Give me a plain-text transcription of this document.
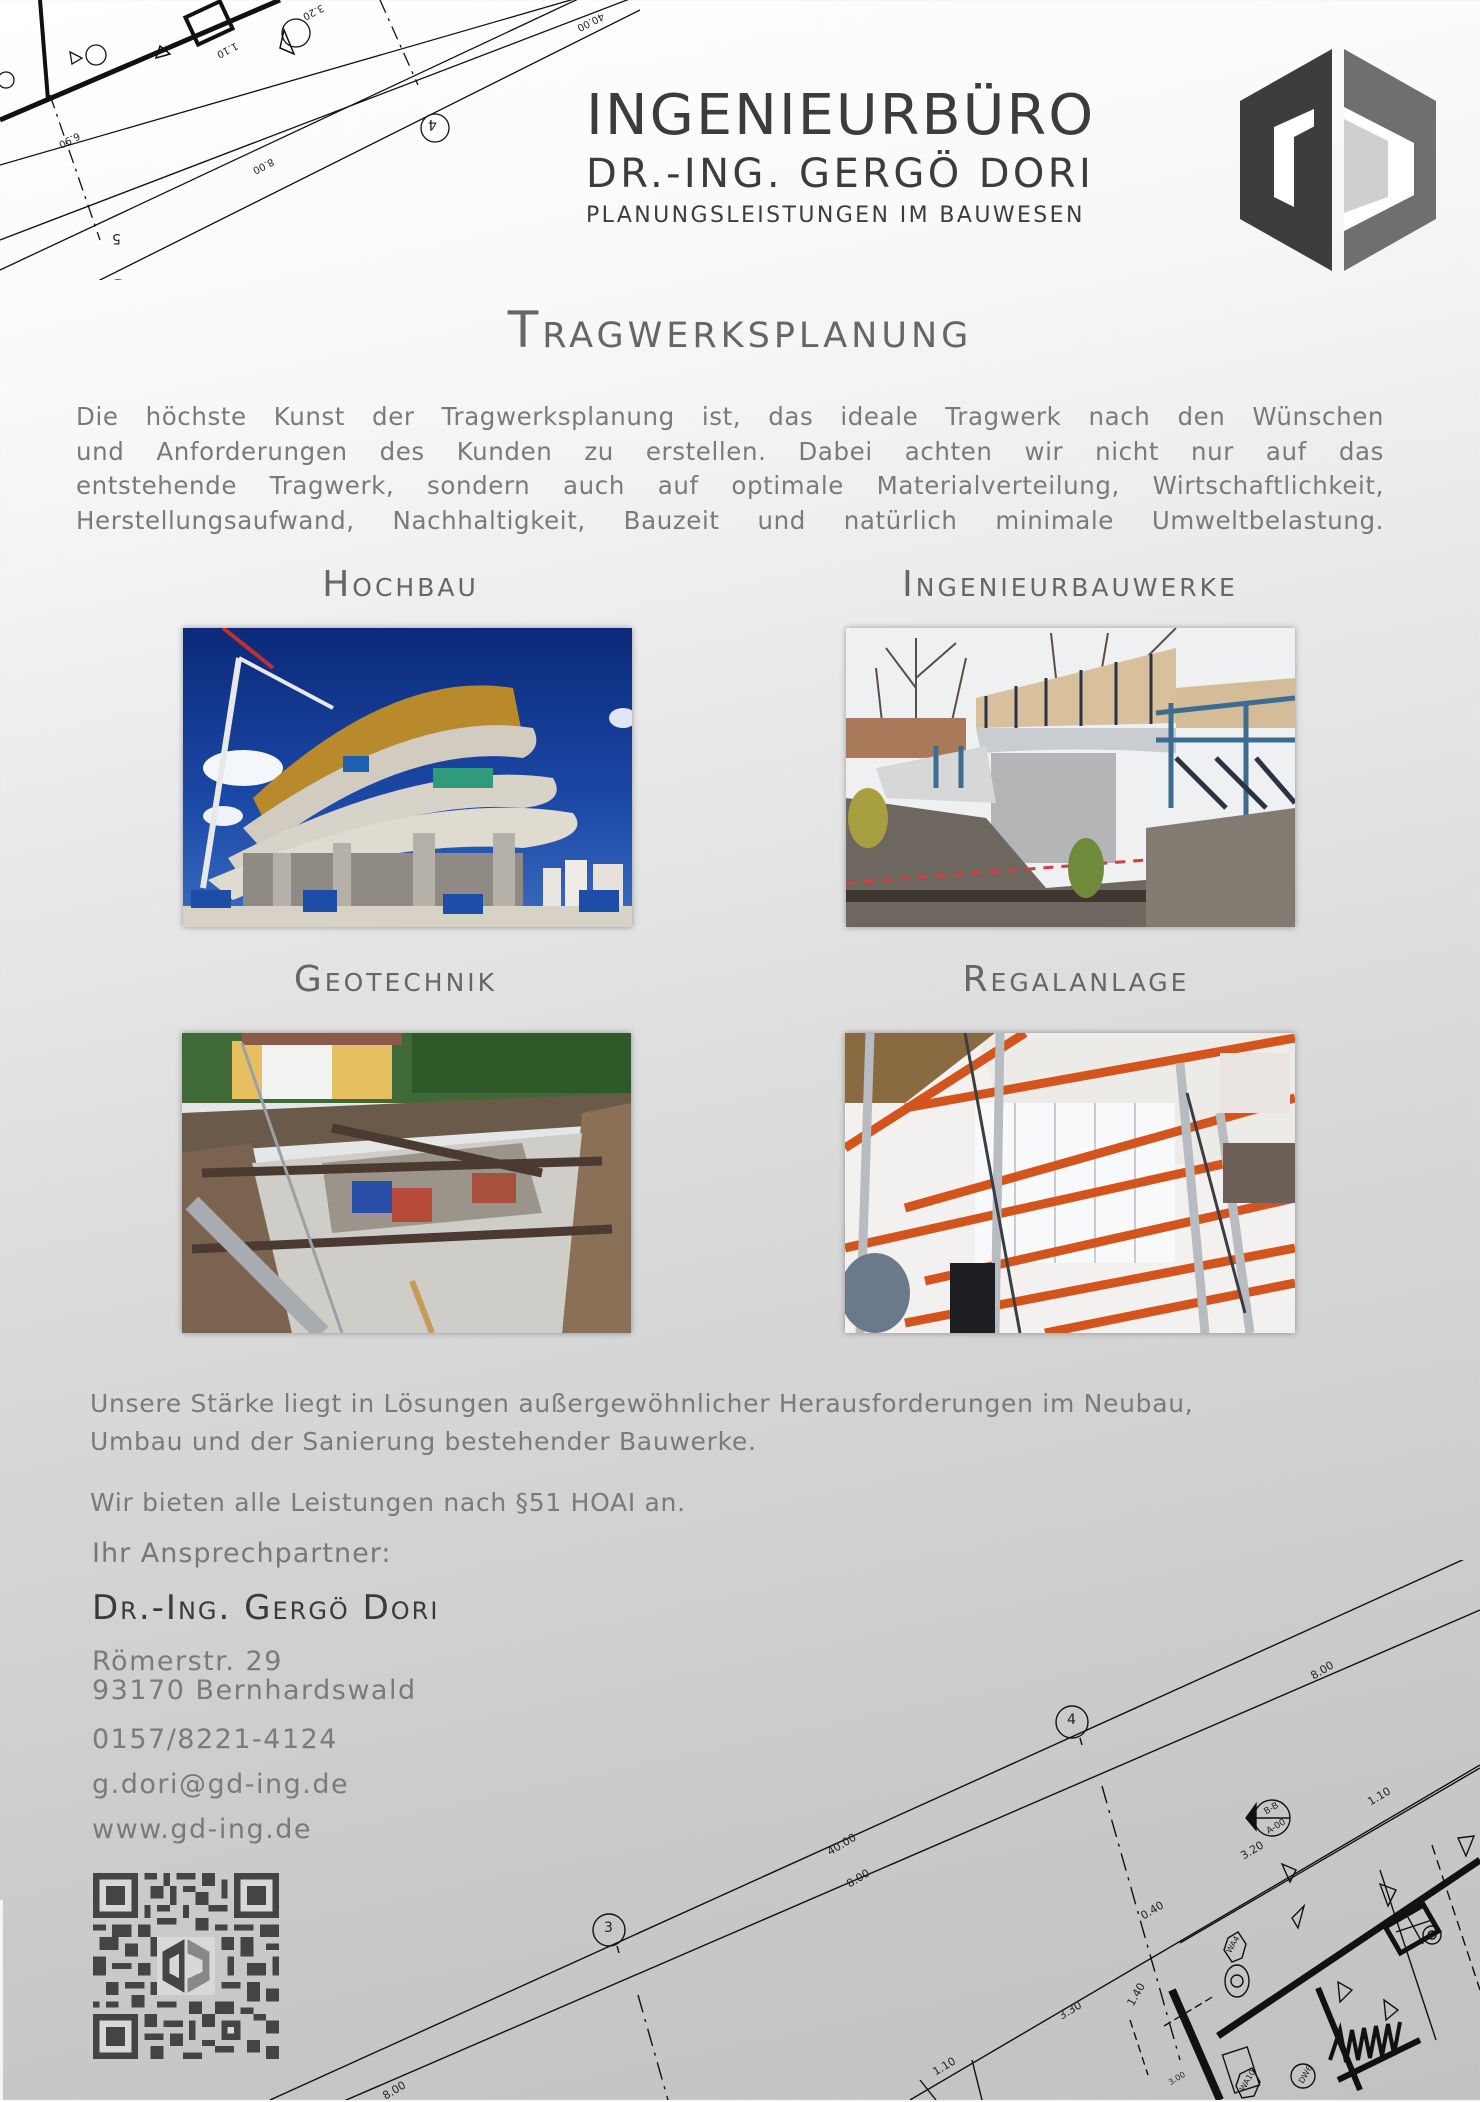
4
5
8.00
6.90
1.10
3.20	40.00
3
4
40.00
8.00
8.00
8.00
3.20
1.10
0.40
1.40
3.30
1.10
B-B
A-00
WA4
WA10
3.00	DW6
INGENIEURBÜRO
DR.-ING. GERGÖ DORI
PLANUNGSLEISTUNGEN IM BAUWESEN
Tragwerksplanung
Die höchste Kunst der Tragwerksplanung ist, das ideale Tragwerk nach den Wünschen
und Anforderungen des Kunden zu erstellen. Dabei achten wir nicht nur auf das
entstehende Tragwerk, sondern auch auf optimale Materialverteilung, Wirtschaftlichkeit,
Herstellungsaufwand, Nachhaltigkeit, Bauzeit und natürlich minimale Umweltbelastung.
Hochbau	Ingenieurbauwerke
Geotechnik	Regalanlage
Unsere Stärke liegt in Lösungen außergewöhnlicher Herausforderungen im Neubau,
Umbau und der Sanierung bestehender Bauwerke.
Wir bieten alle Leistungen nach §51 HOAI an.
Ihr Ansprechpartner:
Dr.-Ing. Gergö Dori
Römerstr. 29
93170 Bernhardswald
0157/8221-4124
g.dori@gd-ing.de
www.gd-ing.de
